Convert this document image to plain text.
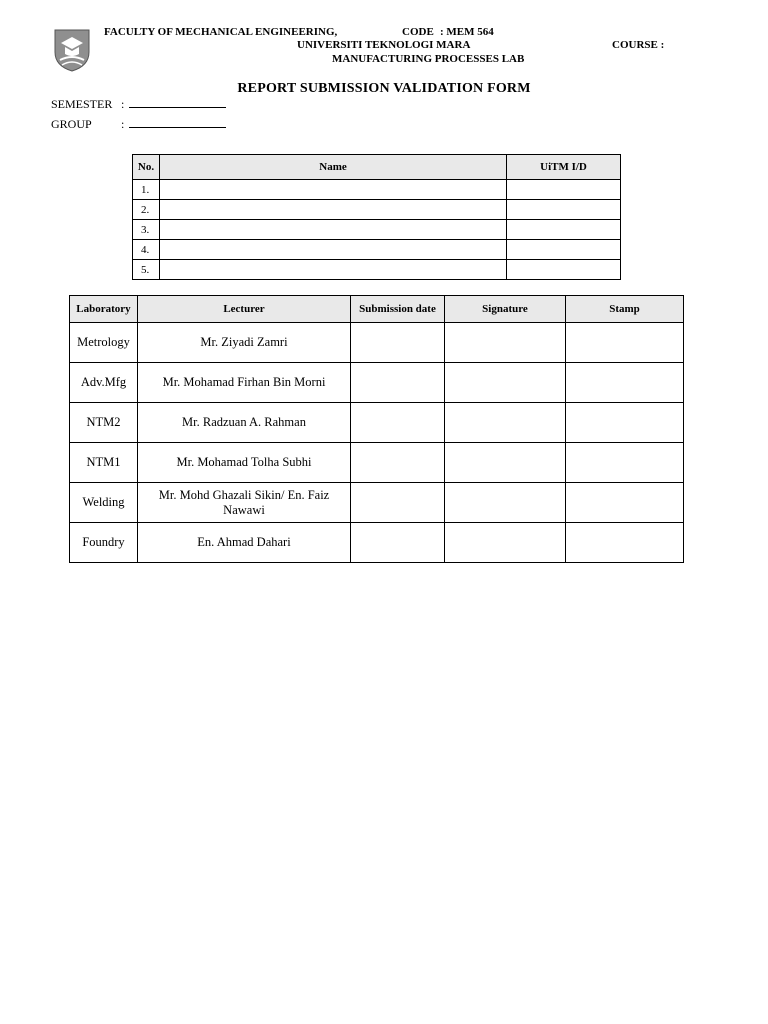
FACULTY OF MECHANICAL ENGINEERING,	CODE : MEM 564
UNIVERSITI TEKNOLOGI MARA	COURSE :
MANUFACTURING PROCESSES LAB
REPORT SUBMISSION VALIDATION FORM
SEMESTER :
GROUP :
No.	Name	UiTM I/D
1.		
2.		
3.		
4.		
5.		
Laboratory	Lecturer	Submission date	Signature	Stamp
Metrology	Mr. Ziyadi Zamri			
Adv.Mfg	Mr. Mohamad Firhan Bin Morni			
NTM2	Mr. Radzuan A. Rahman			
NTM1	Mr. Mohamad Tolha Subhi			
Welding	Mr. Mohd Ghazali Sikin/ En. Faiz Nawawi			
Foundry	En. Ahmad Dahari			
